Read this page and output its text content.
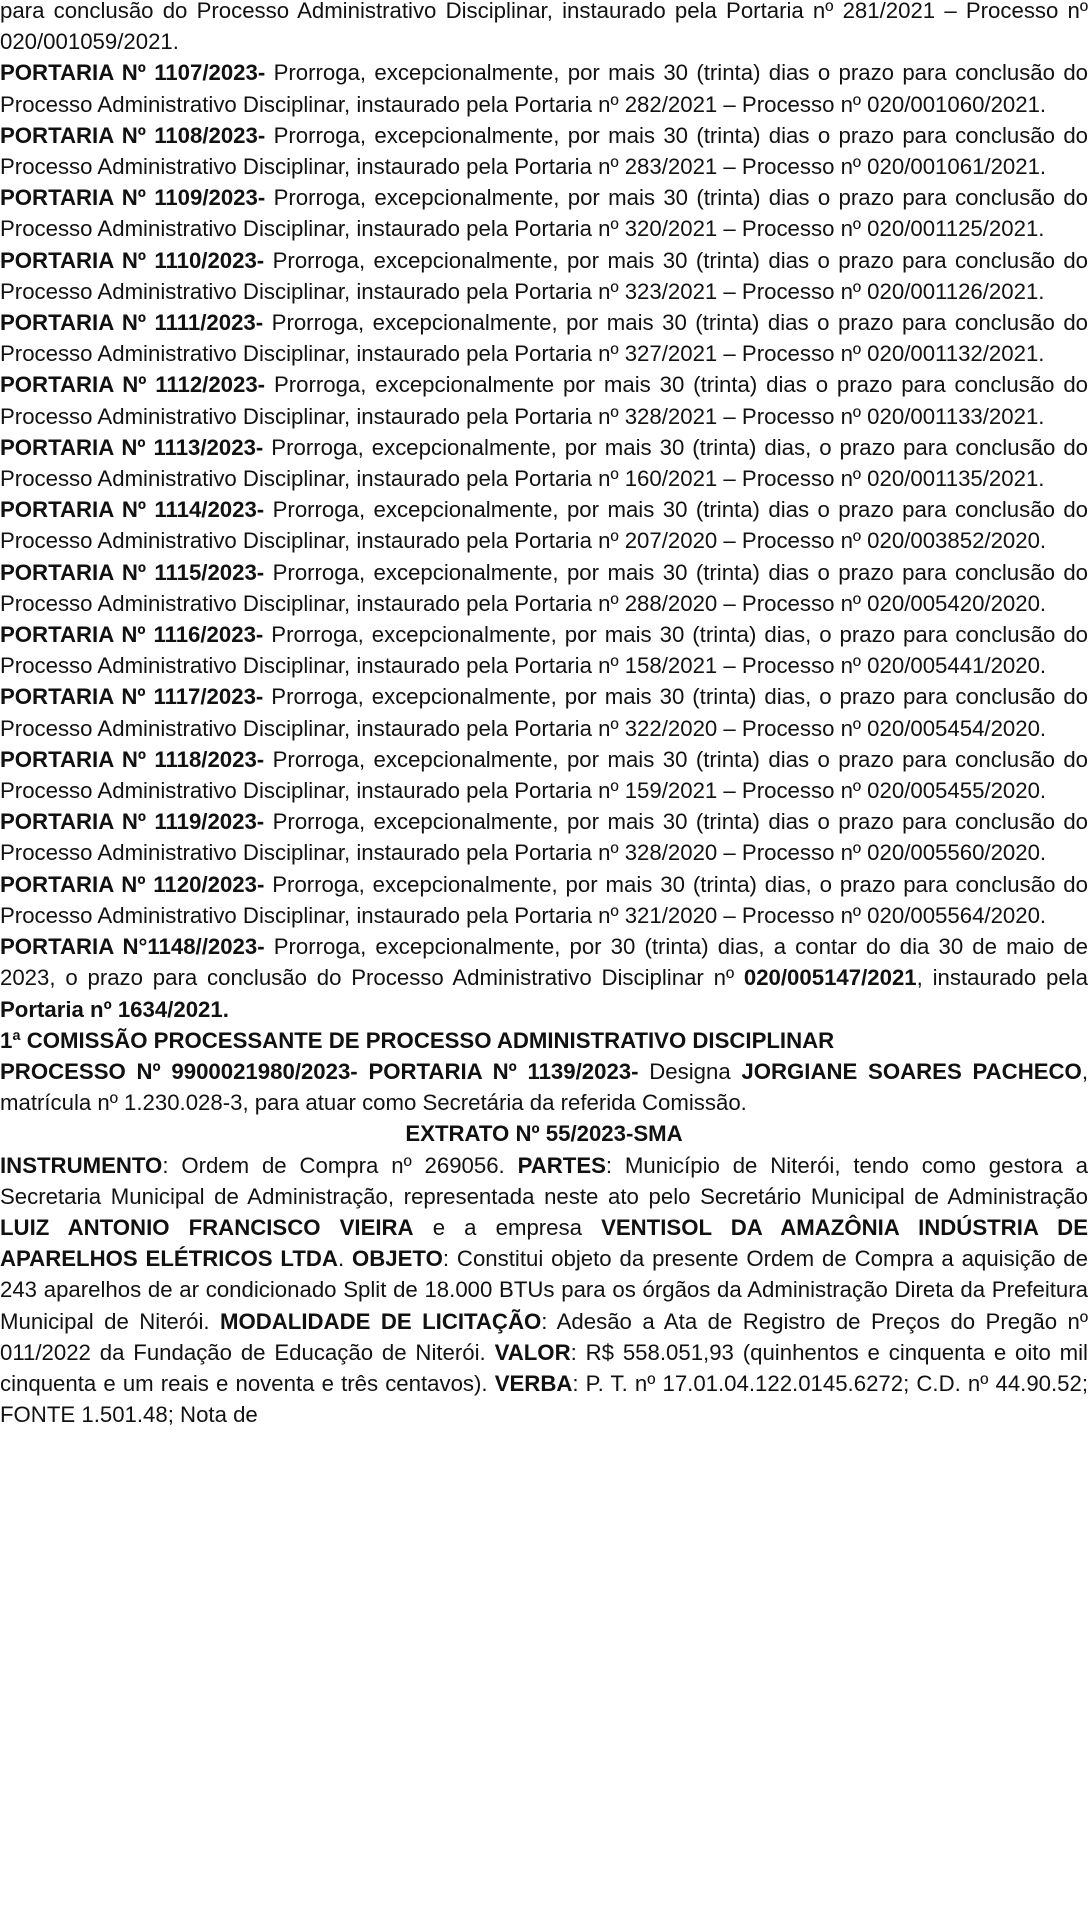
para conclusão do Processo Administrativo Disciplinar, instaurado pela Portaria nº 281/2021 – Processo nº 020/001059/2021.

PORTARIA Nº 1107/2023- Prorroga, excepcionalmente, por mais 30 (trinta) dias o prazo para conclusão do Processo Administrativo Disciplinar, instaurado pela Portaria nº 282/2021 – Processo nº 020/001060/2021.

PORTARIA Nº 1108/2023- Prorroga, excepcionalmente, por mais 30 (trinta) dias o prazo para conclusão do Processo Administrativo Disciplinar, instaurado pela Portaria nº 283/2021 – Processo nº 020/001061/2021.

PORTARIA Nº 1109/2023- Prorroga, excepcionalmente, por mais 30 (trinta) dias o prazo para conclusão do Processo Administrativo Disciplinar, instaurado pela Portaria nº 320/2021 – Processo nº 020/001125/2021.

PORTARIA Nº 1110/2023- Prorroga, excepcionalmente, por mais 30 (trinta) dias o prazo para conclusão do Processo Administrativo Disciplinar, instaurado pela Portaria nº 323/2021 – Processo nº 020/001126/2021.

PORTARIA Nº 1111/2023- Prorroga, excepcionalmente, por mais 30 (trinta) dias o prazo para conclusão do Processo Administrativo Disciplinar, instaurado pela Portaria nº 327/2021 – Processo nº 020/001132/2021.

PORTARIA Nº 1112/2023- Prorroga, excepcionalmente por mais 30 (trinta) dias o prazo para conclusão do Processo Administrativo Disciplinar, instaurado pela Portaria nº 328/2021 – Processo nº 020/001133/2021.

PORTARIA Nº 1113/2023- Prorroga, excepcionalmente, por mais 30 (trinta) dias, o prazo para conclusão do Processo Administrativo Disciplinar, instaurado pela Portaria nº 160/2021 – Processo nº 020/001135/2021.

PORTARIA Nº 1114/2023- Prorroga, excepcionalmente, por mais 30 (trinta) dias o prazo para conclusão do Processo Administrativo Disciplinar, instaurado pela Portaria nº 207/2020 – Processo nº 020/003852/2020.

PORTARIA Nº 1115/2023- Prorroga, excepcionalmente, por mais 30 (trinta) dias o prazo para conclusão do Processo Administrativo Disciplinar, instaurado pela Portaria nº 288/2020 – Processo nº 020/005420/2020.

PORTARIA Nº 1116/2023- Prorroga, excepcionalmente, por mais 30 (trinta) dias, o prazo para conclusão do Processo Administrativo Disciplinar, instaurado pela Portaria nº 158/2021 – Processo nº 020/005441/2020.

PORTARIA Nº 1117/2023- Prorroga, excepcionalmente, por mais 30 (trinta) dias, o prazo para conclusão do Processo Administrativo Disciplinar, instaurado pela Portaria nº 322/2020 – Processo nº 020/005454/2020.

PORTARIA Nº 1118/2023- Prorroga, excepcionalmente, por mais 30 (trinta) dias o prazo para conclusão do Processo Administrativo Disciplinar, instaurado pela Portaria nº 159/2021 – Processo nº 020/005455/2020.

PORTARIA Nº 1119/2023- Prorroga, excepcionalmente, por mais 30 (trinta) dias o prazo para conclusão do Processo Administrativo Disciplinar, instaurado pela Portaria nº 328/2020 – Processo nº 020/005560/2020.

PORTARIA Nº 1120/2023- Prorroga, excepcionalmente, por mais 30 (trinta) dias, o prazo para conclusão do Processo Administrativo Disciplinar, instaurado pela Portaria nº 321/2020 – Processo nº 020/005564/2020.

PORTARIA N°1148//2023- Prorroga, excepcionalmente, por 30 (trinta) dias, a contar do dia 30 de maio de 2023, o prazo para conclusão do Processo Administrativo Disciplinar nº 020/005147/2021, instaurado pela Portaria nº 1634/2021.

1ª COMISSÃO PROCESSANTE DE PROCESSO ADMINISTRATIVO DISCIPLINAR

PROCESSO Nº 9900021980/2023- PORTARIA Nº 1139/2023- Designa JORGIANE SOARES PACHECO, matrícula nº 1.230.028-3, para atuar como Secretária da referida Comissão.

EXTRATO Nº 55/2023-SMA

INSTRUMENTO: Ordem de Compra nº 269056. PARTES: Município de Niterói, tendo como gestora a Secretaria Municipal de Administração, representada neste ato pelo Secretário Municipal de Administração LUIZ ANTONIO FRANCISCO VIEIRA e a empresa VENTISOL DA AMAZÔNIA INDÚSTRIA DE APARELHOS ELÉTRICOS LTDA. OBJETO: Constitui objeto da presente Ordem de Compra a aquisição de 243 aparelhos de ar condicionado Split de 18.000 BTUs para os órgãos da Administração Direta da Prefeitura Municipal de Niterói. MODALIDADE DE LICITAÇÃO: Adesão a Ata de Registro de Preços do Pregão nº 011/2022 da Fundação de Educação de Niterói. VALOR: R$ 558.051,93 (quinhentos e cinquenta e oito mil cinquenta e um reais e noventa e três centavos). VERBA: P. T. nº 17.01.04.122.0145.6272; C.D. nº 44.90.52; FONTE 1.501.48; Nota de
